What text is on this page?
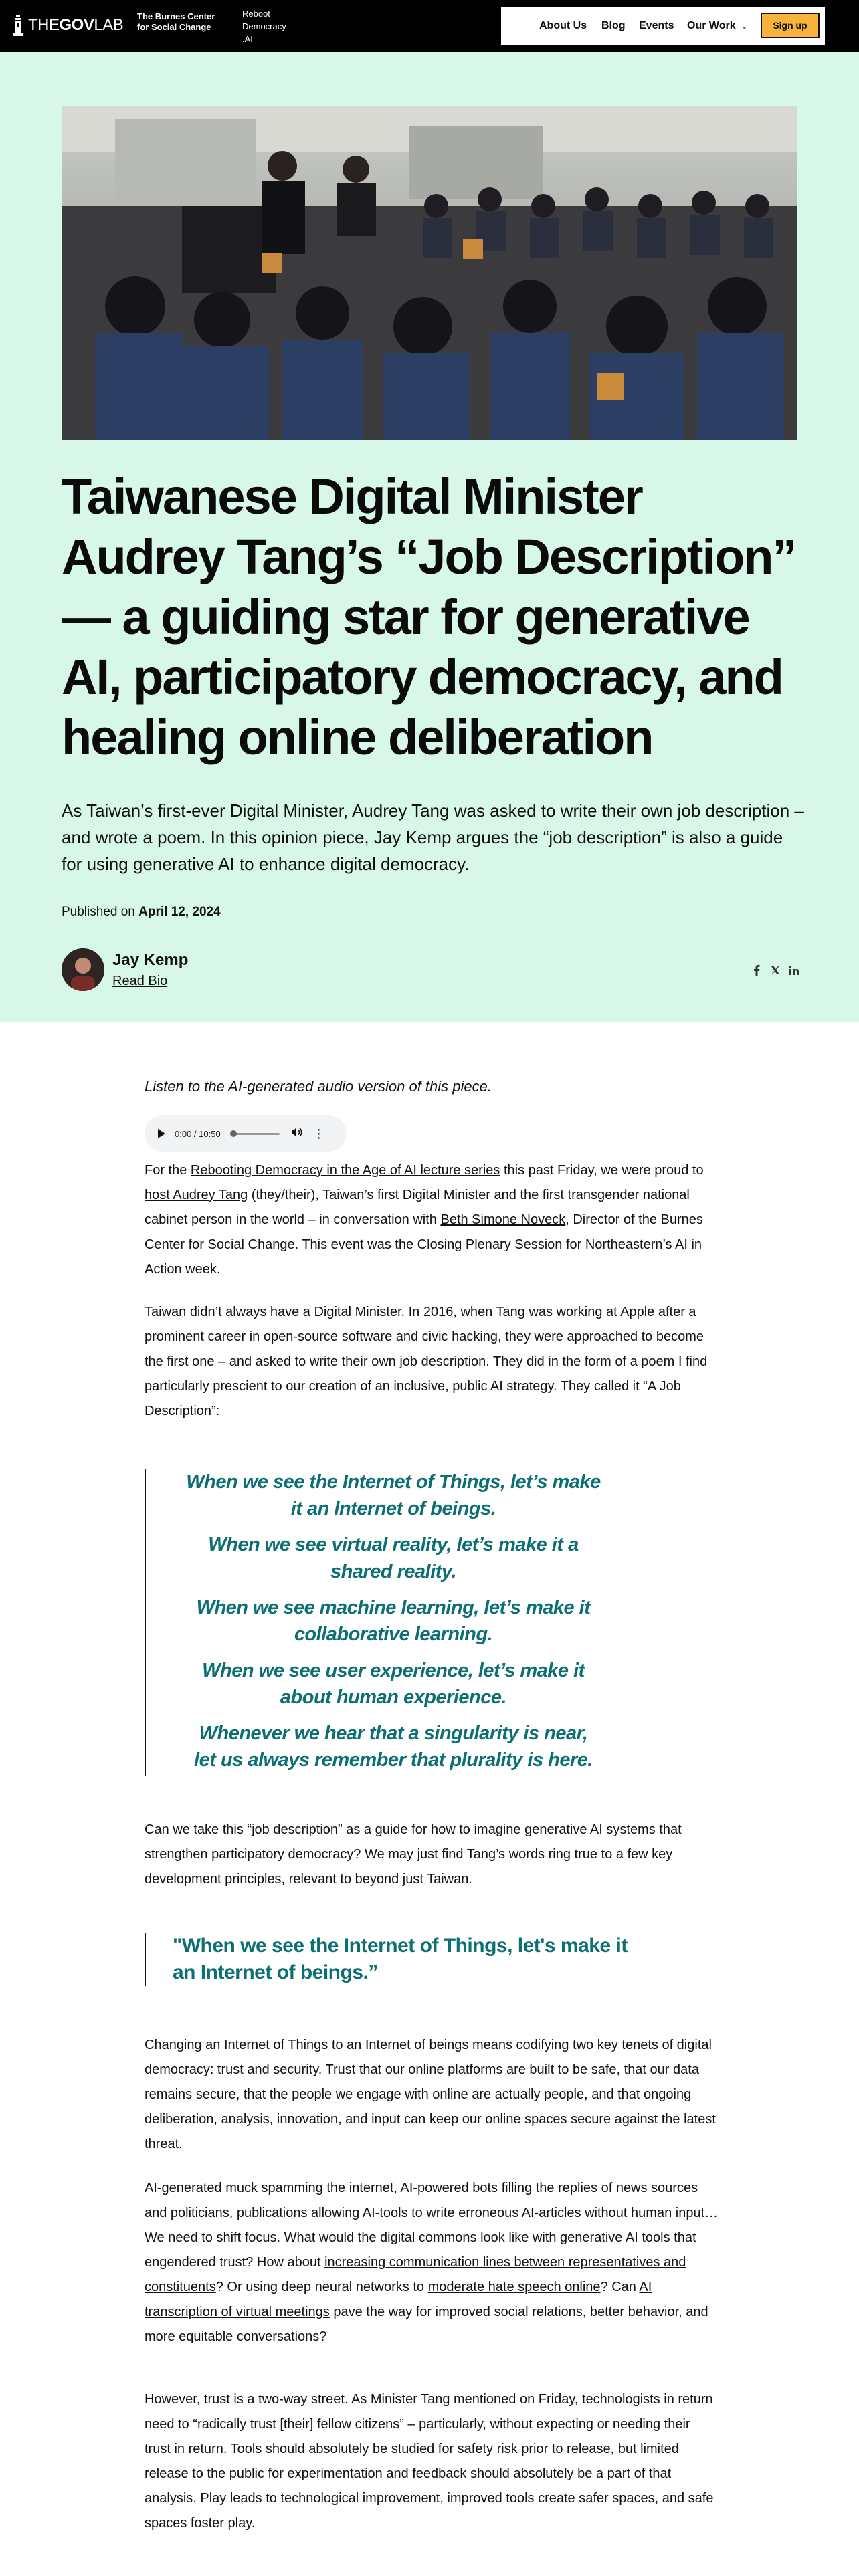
THEGOVLAB The Burnes Center
for Social Change
Reboot
Democracy
.AI
About Us Blog Events Our Work ⌄	Sign up
Taiwanese Digital Minister Audrey Tang’s “Job Description” — a guiding star for generative AI, participatory democracy, and healing online deliberation

As Taiwan’s first-ever Digital Minister, Audrey Tang was asked to write their own job description – and wrote a poem. In this opinion piece, Jay Kemp argues the “job description” is also a guide for using generative AI to enhance digital democracy.

Published on April 12, 2024
Jay Kemp
Read Bio
Listen to the AI-generated audio version of this piece.
0:00 / 10:50	⋮

For the Rebooting Democracy in the Age of AI lecture series this past Friday, we were proud to host Audrey Tang (they/their), Taiwan’s first Digital Minister and the first transgender national cabinet person in the world – in conversation with Beth Simone Noveck, Director of the Burnes Center for Social Change. This event was the Closing Plenary Session for Northeastern’s AI in Action week.

Taiwan didn’t always have a Digital Minister. In 2016, when Tang was working at Apple after a prominent career in open-source software and civic hacking, they were approached to become the first one – and asked to write their own job description. They did in the form of a poem I find particularly prescient to our creation of an inclusive, public AI strategy. They called it “A Job Description”:

When we see the Internet of Things, let’s make it an Internet of beings.
When we see virtual reality, let’s make it a shared reality.
When we see machine learning, let’s make it collaborative learning.
When we see user experience, let’s make it about human experience.
Whenever we hear that a singularity is near, let us always remember that plurality is here.

Can we take this “job description” as a guide for how to imagine generative AI systems that strengthen participatory democracy? We may just find Tang’s words ring true to a few key development principles, relevant to beyond just Taiwan.

"When we see the Internet of Things, let's make it an Internet of beings.”

Changing an Internet of Things to an Internet of beings means codifying two key tenets of digital democracy: trust and security. Trust that our online platforms are built to be safe, that our data remains secure, that the people we engage with online are actually people, and that ongoing deliberation, analysis, innovation, and input can keep our online spaces secure against the latest threat.

AI-generated muck spamming the internet, AI-powered bots filling the replies of news sources and politicians, publications allowing AI-tools to write erroneous AI-articles without human input… We need to shift focus. What would the digital commons look like with generative AI tools that engendered trust? How about increasing communication lines between representatives and constituents? Or using deep neural networks to moderate hate speech online? Can AI transcription of virtual meetings pave the way for improved social relations, better behavior, and more equitable conversations?

However, trust is a two-way street. As Minister Tang mentioned on Friday, technologists in return need to “radically trust [their] fellow citizens” – particularly, without expecting or needing their trust in return. Tools should absolutely be studied for safety risk prior to release, but limited release to the public for experimentation and feedback should absolutely be a part of that analysis. Play leads to technological improvement, improved tools create safer spaces, and safe spaces foster play.
